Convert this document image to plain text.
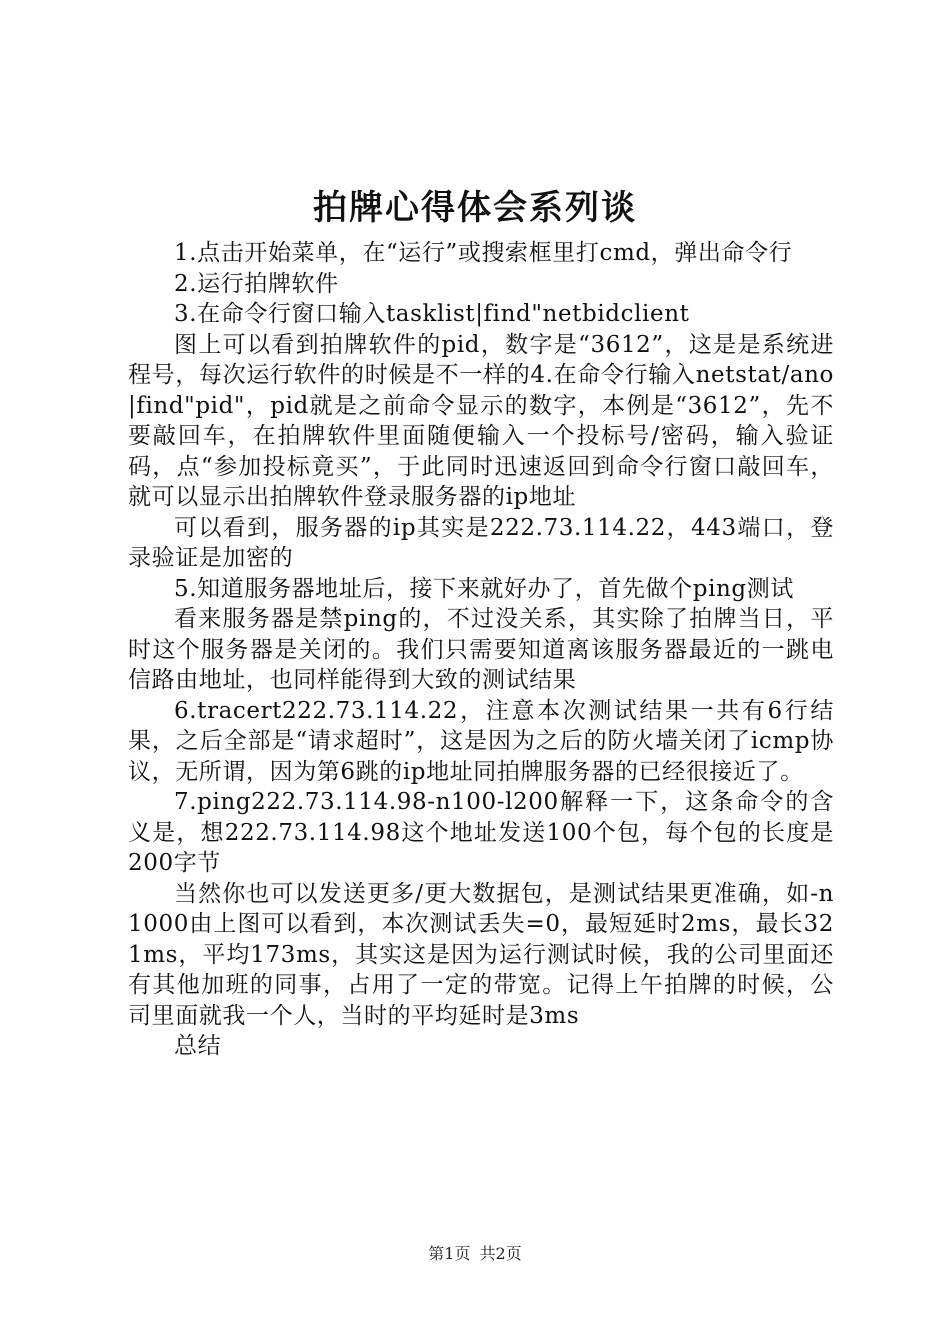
拍牌心得体会系列谈

1.点击开始菜单，在“运行”或搜索框里打cmd，弹出命令行

2.运行拍牌软件

3.在命令行窗口输入tasklist|find"netbidclient

图上可以看到拍牌软件的pid，数字是“3612”，这是是系统进程号，每次运行软件的时候是不一样的4.在命令行输入netstat/ano|find"pid"，pid就是之前命令显示的数字，本例是“3612”，先不要敲回车，在拍牌软件里面随便输入一个投标号/密码，输入验证码，点“参加投标竟买”，于此同时迅速返回到命令行窗口敲回车，就可以显示出拍牌软件登录服务器的ip地址

可以看到，服务器的ip其实是222.73.114.22，443端口，登录验证是加密的

5.知道服务器地址后，接下来就好办了，首先做个ping测试

看来服务器是禁ping的，不过没关系，其实除了拍牌当日，平时这个服务器是关闭的。我们只需要知道离该服务器最近的一跳电信路由地址，也同样能得到大致的测试结果

6.tracert222.73.114.22，注意本次测试结果一共有6行结果，之后全部是“请求超时”，这是因为之后的防火墙关闭了icmp协议，无所谓，因为第6跳的ip地址同拍牌服务器的已经很接近了。

7.ping222.73.114.98-n100-l200解释一下，这条命令的含义是，想222.73.114.98这个地址发送100个包，每个包的长度是200字节

当然你也可以发送更多/更大数据包，是测试结果更准确，如-n1000由上图可以看到，本次测试丢失=0，最短延时2ms，最长321ms，平均173ms，其实这是因为运行测试时候，我的公司里面还有其他加班的同事，占用了一定的带宽。记得上午拍牌的时候，公司里面就我一个人，当时的平均延时是3ms

总结

第1页 共2页
